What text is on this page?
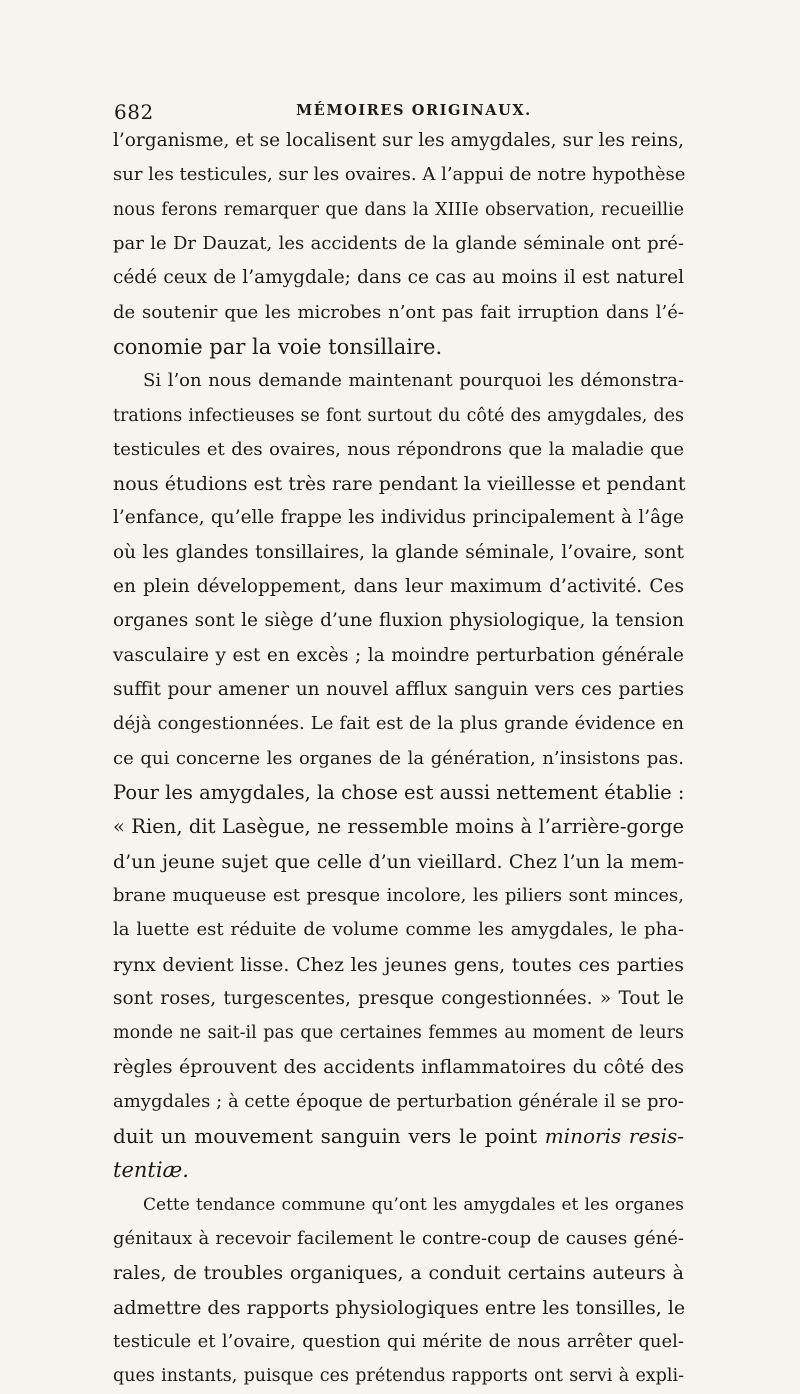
682	MÉMOIRES ORIGINAUX.
l’organisme, et se localisent sur les amygdales, sur les reins,
sur les testicules, sur les ovaires. A l’appui de notre hypothèse
nous ferons remarquer que dans la XIIIe observation, recueillie
par le Dr Dauzat, les accidents de la glande séminale ont pré-
cédé ceux de l’amygdale; dans ce cas au moins il est naturel
de soutenir que les microbes n’ont pas fait irruption dans l’é-
conomie par la voie tonsillaire.
Si l’on nous demande maintenant pourquoi les démonstra-
trations infectieuses se font surtout du côté des amygdales, des
testicules et des ovaires, nous répondrons que la maladie que
nous étudions est très rare pendant la vieillesse et pendant
l’enfance, qu’elle frappe les individus principalement à l’âge
où les glandes tonsillaires, la glande séminale, l’ovaire, sont
en plein développement, dans leur maximum d’activité. Ces
organes sont le siège d’une fluxion physiologique, la tension
vasculaire y est en excès ; la moindre perturbation générale
suffit pour amener un nouvel afflux sanguin vers ces parties
déjà congestionnées. Le fait est de la plus grande évidence en
ce qui concerne les organes de la génération, n’insistons pas.
Pour les amygdales, la chose est aussi nettement établie :
« Rien, dit Lasègue, ne ressemble moins à l’arrière-gorge
d’un jeune sujet que celle d’un vieillard. Chez l’un la mem-
brane muqueuse est presque incolore, les piliers sont minces,
la luette est réduite de volume comme les amygdales, le pha-
rynx devient lisse. Chez les jeunes gens, toutes ces parties
sont roses, turgescentes, presque congestionnées. » Tout le
monde ne sait-il pas que certaines femmes au moment de leurs
règles éprouvent des accidents inflammatoires du côté des
amygdales ; à cette époque de perturbation générale il se pro-
duit un mouvement sanguin vers le point minoris resis-
tentiæ.
Cette tendance commune qu’ont les amygdales et les organes
génitaux à recevoir facilement le contre-coup de causes géné-
rales, de troubles organiques, a conduit certains auteurs à
admettre des rapports physiologiques entre les tonsilles, le
testicule et l’ovaire, question qui mérite de nous arrêter quel-
ques instants, puisque ces prétendus rapports ont servi à expli-
